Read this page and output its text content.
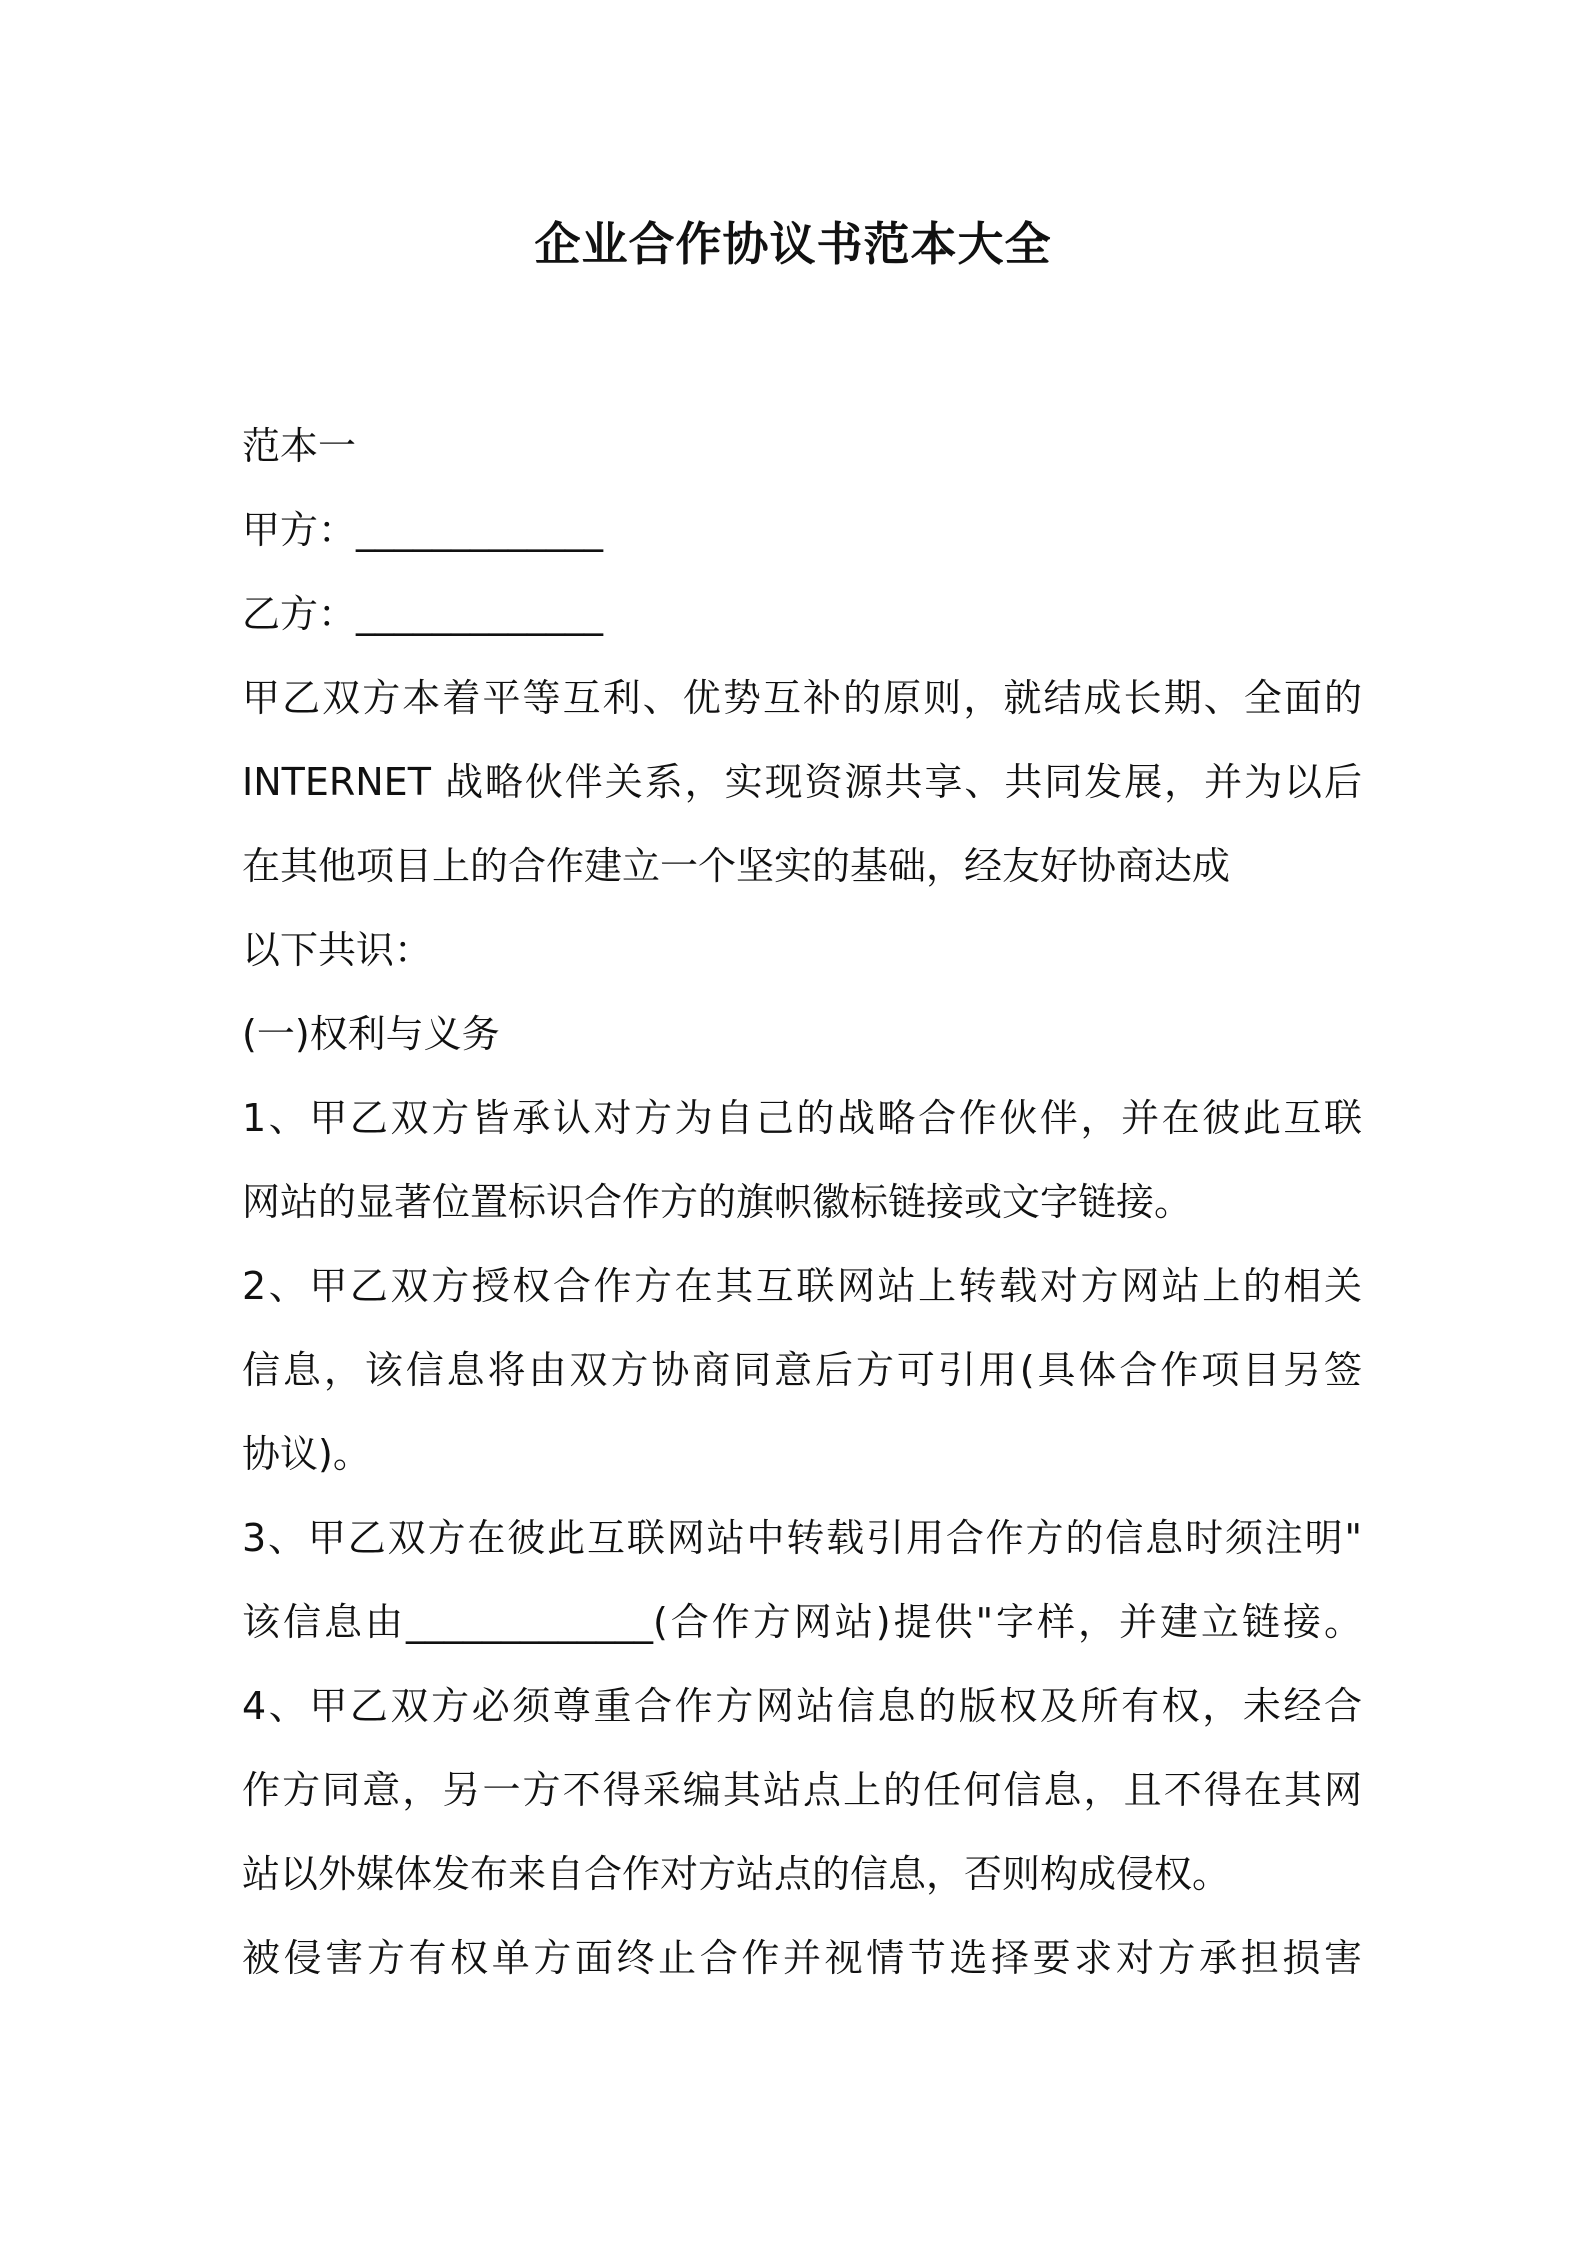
企业合作协议书范本大全
范本一
甲方：_____________
乙方：_____________
甲乙双方本着平等互利、优势互补的原则，就结成长期、全面的
INTERNET 战略伙伴关系，实现资源共享、共同发展，并为以后
在其他项目上的合作建立一个坚实的基础，经友好协商达成
以下共识：
(一)权利与义务
1、甲乙双方皆承认对方为自己的战略合作伙伴，并在彼此互联
网站的显著位置标识合作方的旗帜徽标链接或文字链接。
2、甲乙双方授权合作方在其互联网站上转载对方网站上的相关
信息，该信息将由双方协商同意后方可引用(具体合作项目另签
协议)。
3、甲乙双方在彼此互联网站中转载引用合作方的信息时须注明"
该信息由_____________(合作方网站)提供"字样，并建立链接。
4、甲乙双方必须尊重合作方网站信息的版权及所有权，未经合
作方同意，另一方不得采编其站点上的任何信息，且不得在其网
站以外媒体发布来自合作对方站点的信息，否则构成侵权。
被侵害方有权单方面终止合作并视情节选择要求对方承担损害
